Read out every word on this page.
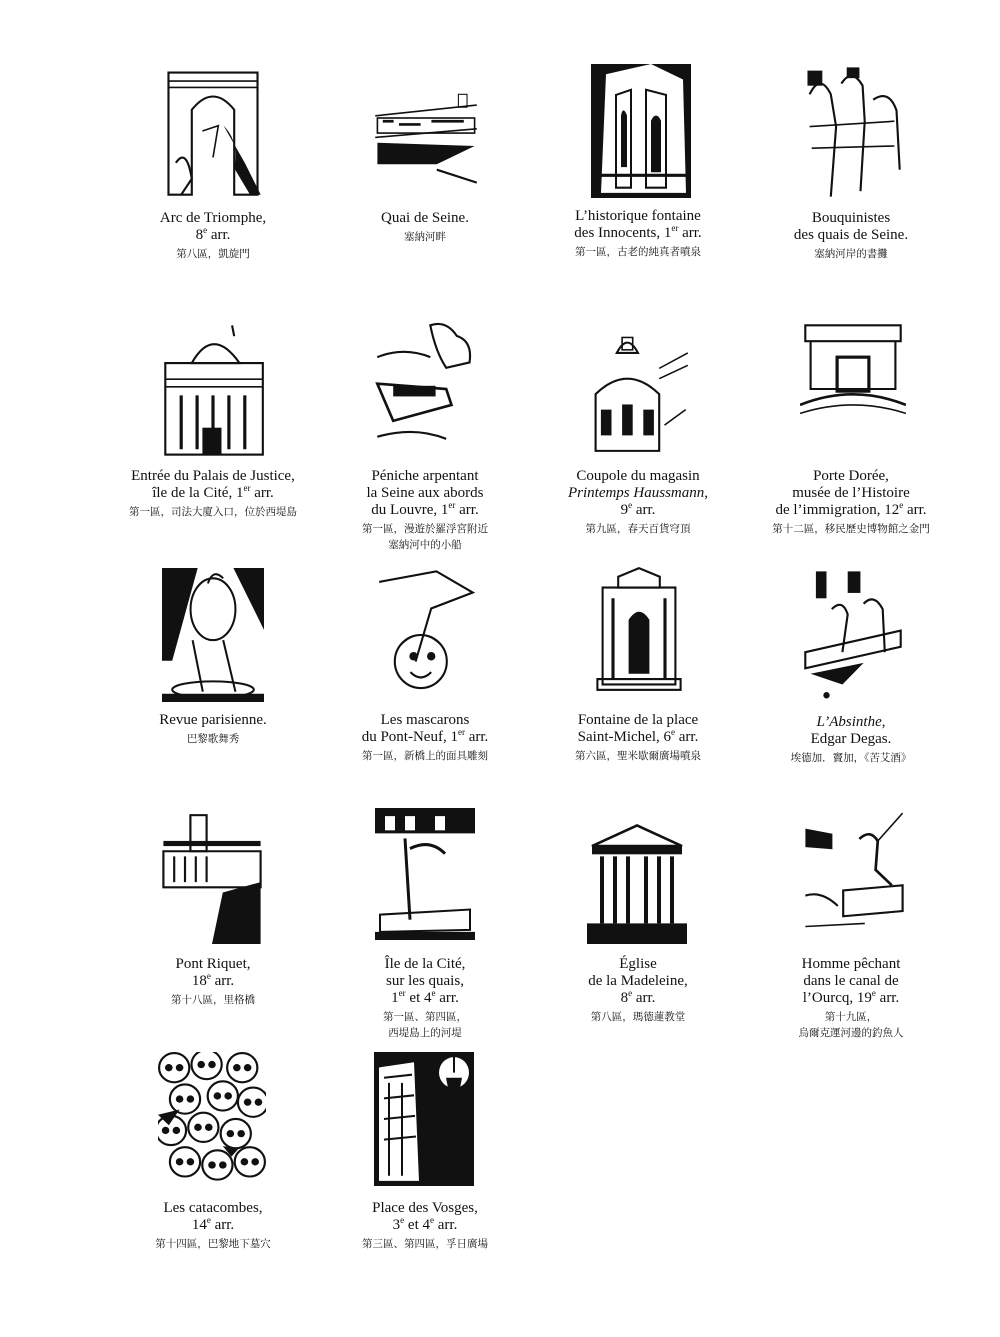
Arc de Triomphe,
8e arr.
第八區，凱旋門
Quai de Seine.
塞納河畔
L’historique fontaine
des Innocents, 1er arr.
第一區，古老的純真者噴泉
Bouquinistes
des quais de Seine.
塞納河岸的書攤
Entrée du Palais de Justice,
île de la Cité, 1er arr.
第一區，司法大廈入口，位於西堤島
Péniche arpentant
la Seine aux abords
du Louvre, 1er arr.
第一區，漫遊於羅浮宮附近
塞納河中的小船
Coupole du magasin
Printemps Haussmann,
9e arr.
第九區，春天百貨穹頂
Porte Dorée,
musée de l’Histoire
de l’immigration, 12e arr.
第十二區，移民歷史博物館之金門
Revue parisienne.
巴黎歌舞秀
Les mascarons
du Pont-Neuf, 1er arr.
第一區，新橋上的面具雕刻
Fontaine de la place
Saint-Michel, 6e arr.
第六區，聖米歇爾廣場噴泉
L’Absinthe,
Edgar Degas.
埃德加．竇加，《苦艾酒》
Pont Riquet,
18e arr.
第十八區，里格橋
Île de la Cité,
sur les quais,
1er et 4e arr.
第一區、第四區，
西堤島上的河堤
Église
de la Madeleine,
8e arr.
第八區，瑪德蓮教堂
Homme pêchant
dans le canal de
l’Ourcq, 19e arr.
第十九區，
烏爾克運河邊的釣魚人
Les catacombes,
14e arr.
第十四區，巴黎地下墓穴
Place des Vosges,
3e et 4e arr.
第三區、第四區，孚日廣場
